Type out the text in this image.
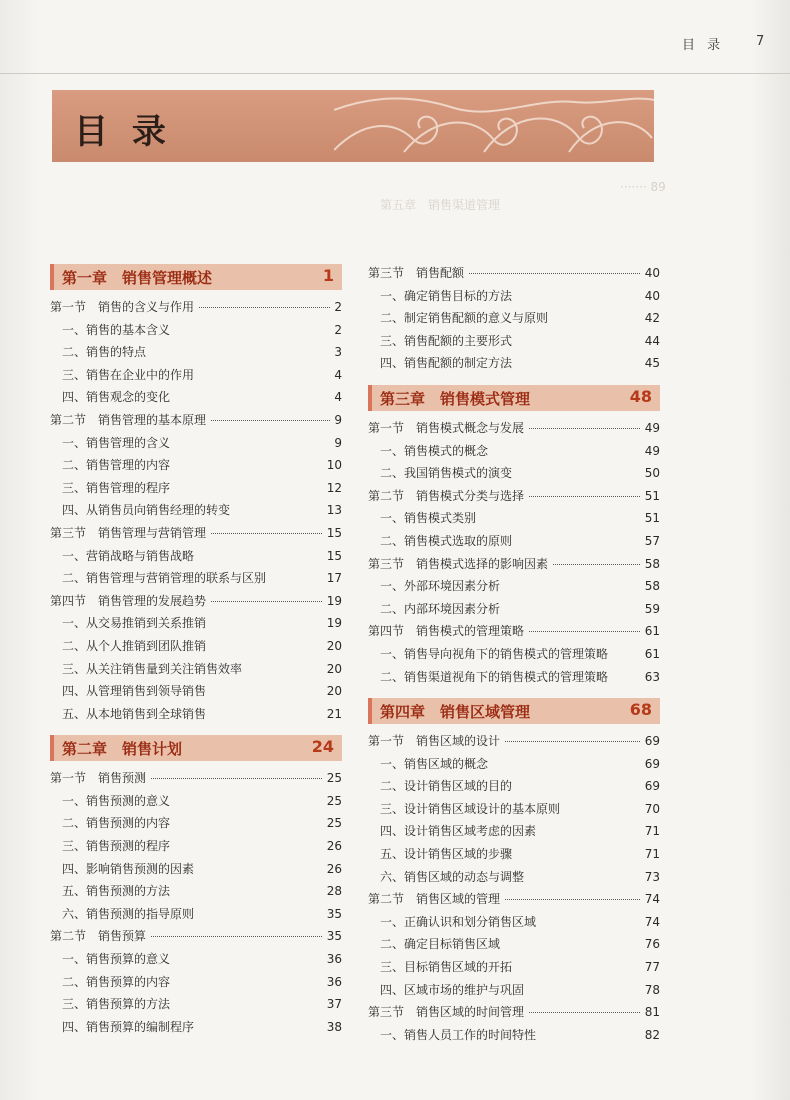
目 录 7
······· 89
第五章　销售渠道管理
目 录
第一章　销售管理概述	1
第一节　销售的含义与作用	2
一、销售的基本含义	2
二、销售的特点	3
三、销售在企业中的作用	4
四、销售观念的变化	4
第二节　销售管理的基本原理	9
一、销售管理的含义	9
二、销售管理的内容	10
三、销售管理的程序	12
四、从销售员向销售经理的转变	13
第三节　销售管理与营销管理	15
一、营销战略与销售战略	15
二、销售管理与营销管理的联系与区别	17
第四节　销售管理的发展趋势	19
一、从交易推销到关系推销	19
二、从个人推销到团队推销	20
三、从关注销售量到关注销售效率	20
四、从管理销售到领导销售	20
五、从本地销售到全球销售	21
第二章　销售计划	24
第一节　销售预测	25
一、销售预测的意义	25
二、销售预测的内容	25
三、销售预测的程序	26
四、影响销售预测的因素	26
五、销售预测的方法	28
六、销售预测的指导原则	35
第二节　销售预算	35
一、销售预算的意义	36
二、销售预算的内容	36
三、销售预算的方法	37
四、销售预算的编制程序	38
第三节　销售配额	40
一、确定销售目标的方法	40
二、制定销售配额的意义与原则	42
三、销售配额的主要形式	44
四、销售配额的制定方法	45
第三章　销售模式管理	48
第一节　销售模式概念与发展	49
一、销售模式的概念	49
二、我国销售模式的演变	50
第二节　销售模式分类与选择	51
一、销售模式类别	51
二、销售模式选取的原则	57
第三节　销售模式选择的影响因素	58
一、外部环境因素分析	58
二、内部环境因素分析	59
第四节　销售模式的管理策略	61
一、销售导向视角下的销售模式的管理策略	61
二、销售渠道视角下的销售模式的管理策略	63
第四章　销售区域管理	68
第一节　销售区域的设计	69
一、销售区域的概念	69
二、设计销售区域的目的	69
三、设计销售区域设计的基本原则	70
四、设计销售区域考虑的因素	71
五、设计销售区域的步骤	71
六、销售区域的动态与调整	73
第二节　销售区域的管理	74
一、正确认识和划分销售区域	74
二、确定目标销售区域	76
三、目标销售区域的开拓	77
四、区域市场的维护与巩固	78
第三节　销售区域的时间管理	81
一、销售人员工作的时间特性	82
